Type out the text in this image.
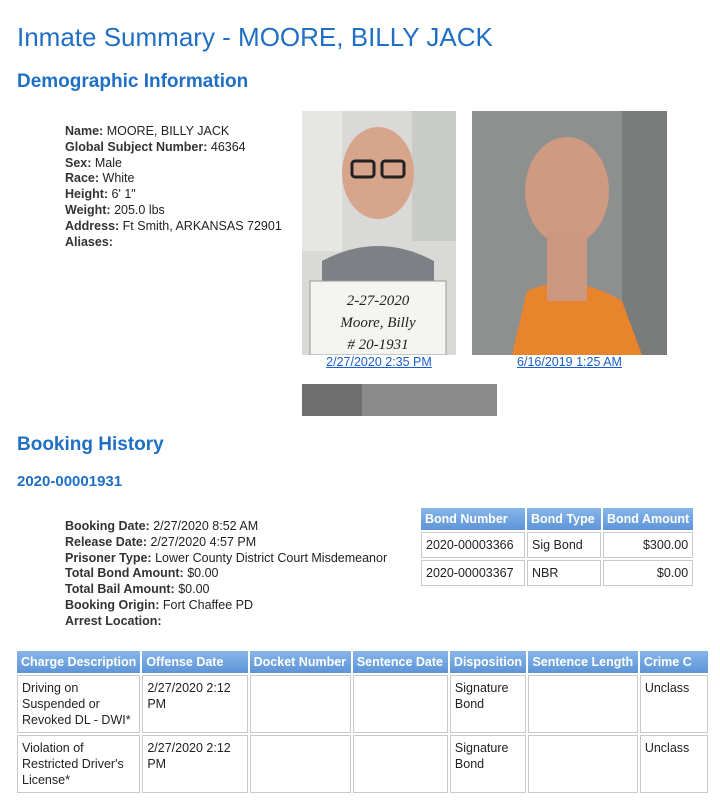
Inmate Summary - MOORE, BILLY JACK
Demographic Information
Name: MOORE, BILLY JACK
Global Subject Number: 46364
Sex: Male
Race: White
Height: 6' 1"
Weight: 205.0 lbs
Address: Ft Smith, ARKANSAS 72901
Aliases:
2-27-2020
Moore, Billy
# 20-1931
2/27/2020 2:35 PM	6/16/2019 1:25 AM
Booking History
2020-00001931
Booking Date: 2/27/2020 8:52 AM
Release Date: 2/27/2020 4:57 PM
Prisoner Type: Lower County District Court Misdemeanor
Total Bond Amount: $0.00
Total Bail Amount: $0.00
Booking Origin: Fort Chaffee PD
Arrest Location:
Bond Number	Bond Type	Bond Amount
2020-00003366	Sig Bond	$300.00
2020-00003367	NBR	$0.00
Charge Description	Offense Date	Docket Number	Sentence Date	Disposition	Sentence Length	Crime C
Driving on Suspended or Revoked DL - DWI*	2/27/2020 2:12 PM			Signature Bond		Unclass
Violation of Restricted Driver's License*	2/27/2020 2:12 PM			Signature Bond		Unclass
